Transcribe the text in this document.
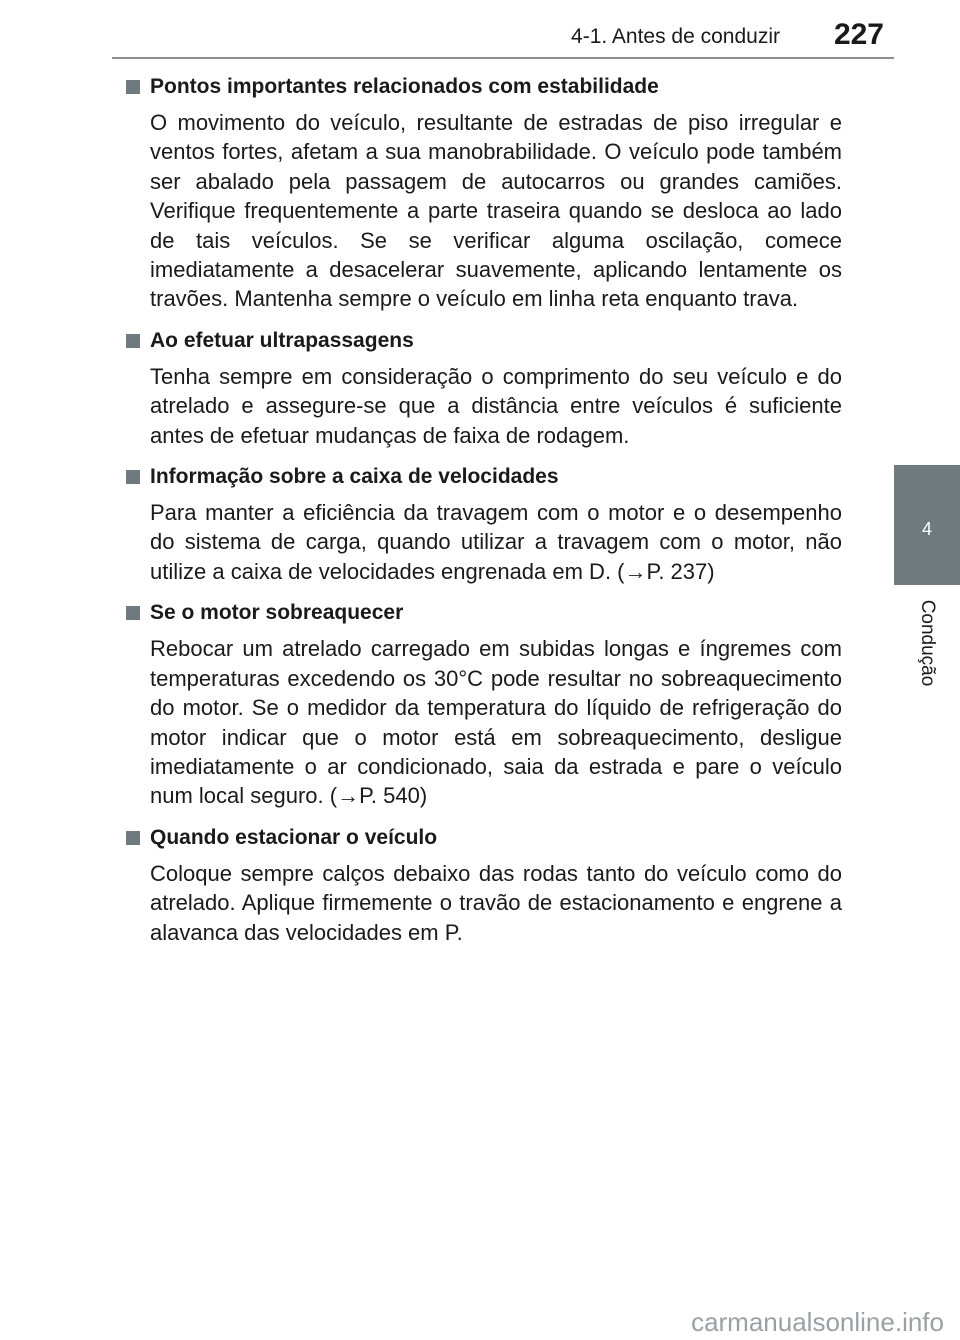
4-1. Antes de conduzir 227
4
Condução
Pontos importantes relacionados com estabilidade
O movimento do veículo, resultante de estradas de piso irregular e ventos fortes, afetam a sua manobrabilidade. O veículo pode também ser abalado pela passagem de autocarros ou grandes camiões. Verifique frequentemente a parte traseira quando se desloca ao lado de tais veículos. Se se verificar alguma oscilação, comece imediatamente a desacelerar suavemente, aplicando lentamente os travões. Mantenha sempre o veículo em linha reta enquanto trava.
Ao efetuar ultrapassagens
Tenha sempre em consideração o comprimento do seu veículo e do atrelado e assegure-se que a distância entre veículos é suficiente antes de efetuar mudanças de faixa de rodagem.
Informação sobre a caixa de velocidades
Para manter a eficiência da travagem com o motor e o desempenho do sistema de carga, quando utilizar a travagem com o motor, não utilize a caixa de velocidades engrenada em D. (→P. 237)
Se o motor sobreaquecer
Rebocar um atrelado carregado em subidas longas e íngremes com temperaturas excedendo os 30°C pode resultar no sobreaquecimento do motor. Se o medidor da temperatura do líquido de refrigeração do motor indicar que o motor está em sobreaquecimento, desligue imediatamente o ar condicionado, saia da estrada e pare o veículo num local seguro. (→P. 540)
Quando estacionar o veículo
Coloque sempre calços debaixo das rodas tanto do veículo como do atrelado. Aplique firmemente o travão de estacionamento e engrene a alavanca das velocidades em P.
carmanualsonline.info
